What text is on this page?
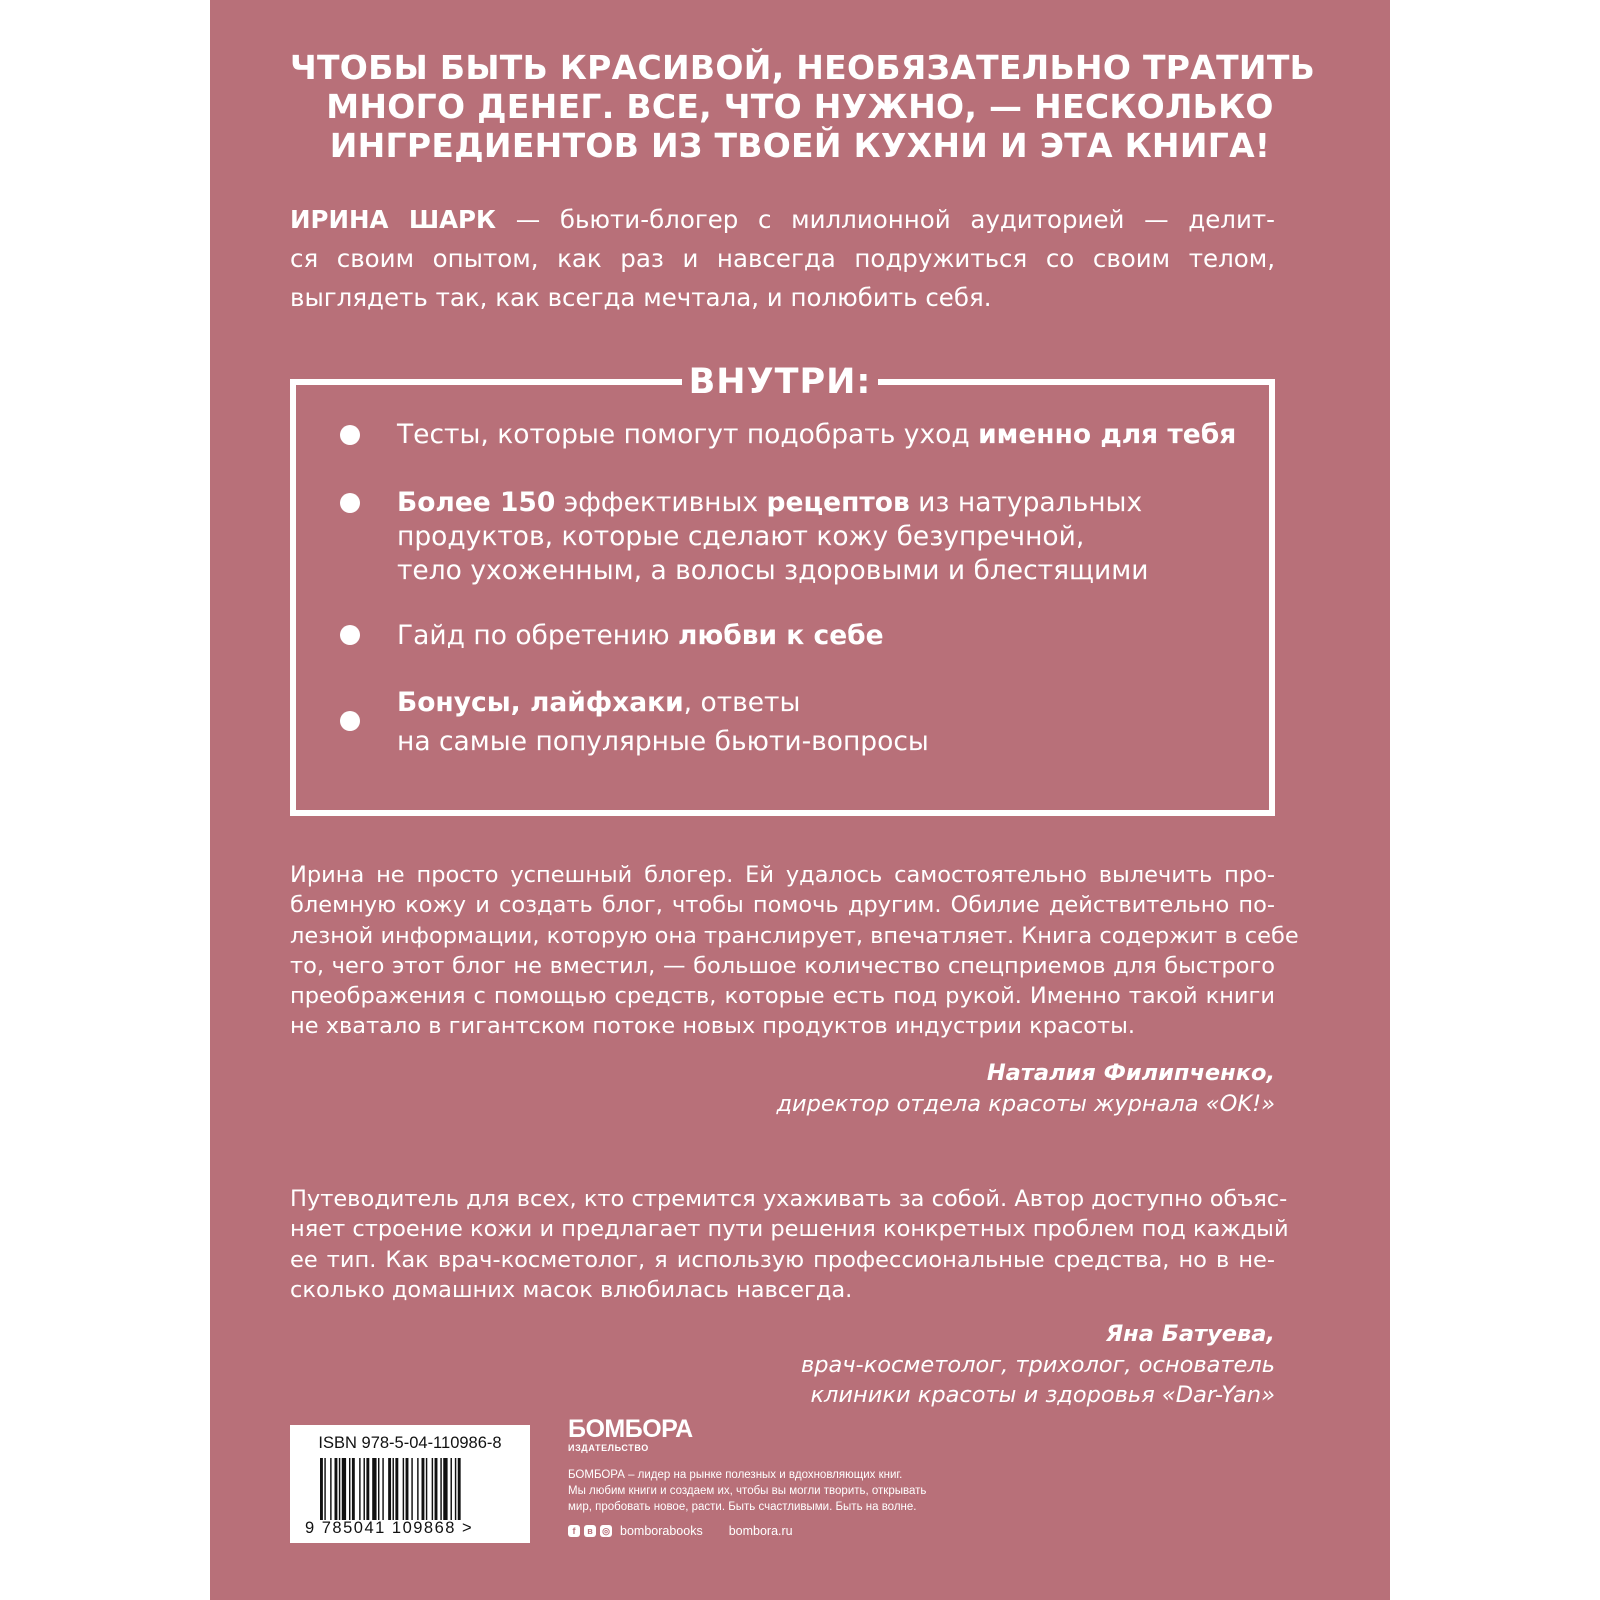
ЧТОБЫ БЫТЬ КРАСИВОЙ, НЕОБЯЗАТЕЛЬНО ТРАТИТЬ
МНОГО ДЕНЕГ. ВСЕ, ЧТО НУЖНО, — НЕСКОЛЬКО
ИНГРЕДИЕНТОВ ИЗ ТВОЕЙ КУХНИ И ЭТА КНИГА!
ИРИНА ШАРК — бьюти-блогер с миллионной аудиторией — делит-
ся своим опытом, как раз и навсегда подружиться со своим телом,
выглядеть так, как всегда мечтала, и полюбить себя.
ВНУТРИ:
Тесты, которые помогут подобрать уход именно для тебя
Более 150 эффективных рецептов из натуральных
продуктов, которые сделают кожу безупречной,
тело ухоженным, а волосы здоровыми и блестящими
Гайд по обретению любви к себе
Бонусы, лайфхаки, ответы
на самые популярные бьюти-вопросы
Ирина не просто успешный блогер. Ей удалось самостоятельно вылечить про-
блемную кожу и создать блог, чтобы помочь другим. Обилие действительно по-
лезной информации, которую она транслирует, впечатляет. Книга содержит в себе
то, чего этот блог не вместил, — большое количество спецприемов для быстрого
преображения с помощью средств, которые есть под рукой. Именно такой книги
не хватало в гигантском потоке новых продуктов индустрии красоты.
Наталия Филипченко,
директор отдела красоты журнала «OK!»
Путеводитель для всех, кто стремится ухаживать за собой. Автор доступно объяс-
няет строение кожи и предлагает пути решения конкретных проблем под каждый
ее тип. Как врач-косметолог, я использую профессиональные средства, но в не-
сколько домашних масок влюбилась навсегда.
Яна Батуева,
врач-косметолог, трихолог, основатель
клиники красоты и здоровья «Dar-Yan»
ISBN 978-5-04-110986-8
9 785041 109868 >
БОМБОРА
ИЗДАТЕЛЬСТВО
БОМБОРА – лидер на рынке полезных и вдохновляющих книг.
Мы любим книги и создаем их, чтобы вы могли творить, открывать
мир, пробовать новое, расти. Быть счастливыми. Быть на волне.
f	в	◎ bomborabooks bombora.ru
